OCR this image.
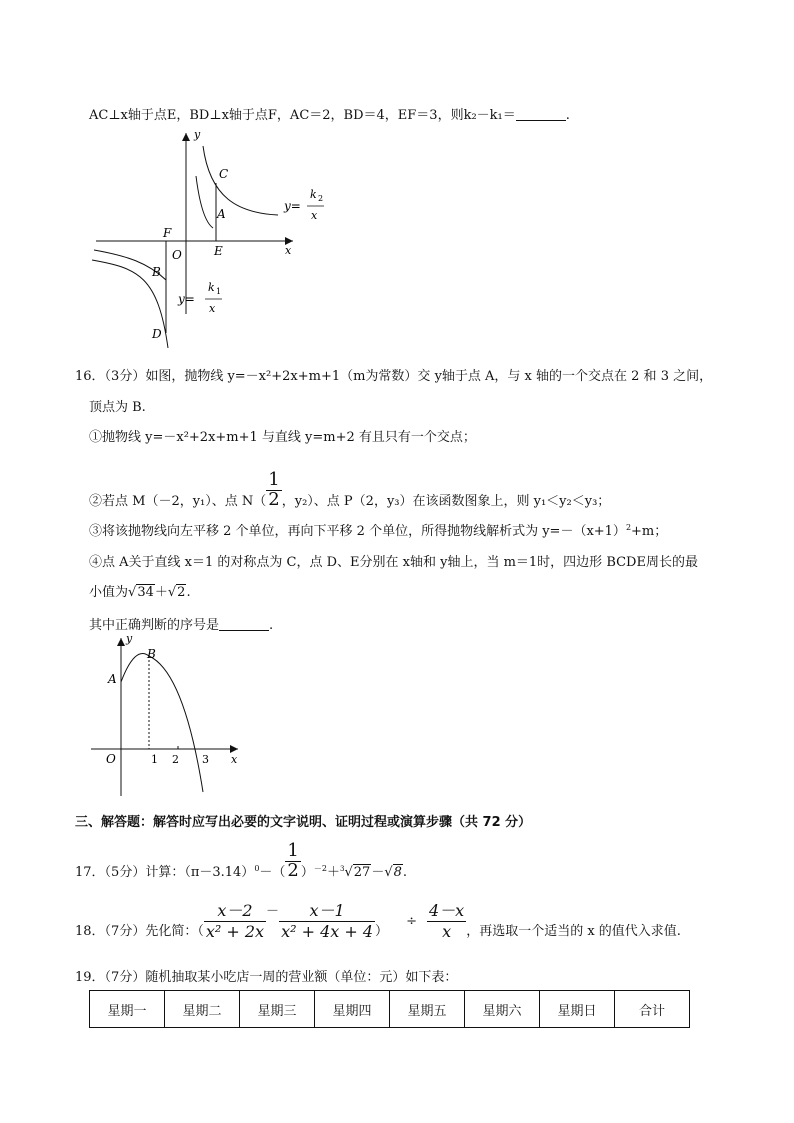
AC⊥x轴于点E，BD⊥x轴于点F，AC＝2，BD＝4，EF＝3，则k₂－k₁＝	.
y
x
O
C
A
E
F
B
D
y=
k 2
x
y=
k 1
x
16．（3分）如图，抛物线 y=－x²+2x+m+1（m为常数）交 y轴于点 A，与 x 轴的一个交点在 2 和 3 之间，
顶点为 B.
①抛物线 y=－x²+2x+m+1 与直线 y=m+2 有且只有一个交点；
②若点 M（－2，y₁）、点 $N( \frac{1}{2}$ ，y₂）、点 P（2，y₃）在该函数图象上，则 y₁＜y₂＜y₃；
③将该抛物线向左平移 2 个单位，再向下平移 2 个单位，所得抛物线解析式为 $y=-(x+1)^2+m$；
④点 A关于直线 x＝1 的对称点为 C，点 D、E分别在 x轴和 y轴上，当 m＝1时，四边形 BCDE周长的最
小值为√34＋√2.
其中正确判断的序号是	.
y
x
O
A
B
1 2 3
三、解答题：解答时应写出必要的文字说明、证明过程或演算步骤（共 72 分）
17．（5分）计算：$(\pi-3.14)^0-( \frac{1}{2} )^{-2}+^3√27-√8$.
18．（7分）先化简：（ $\frac{x-2}{\text{x² + 2x}} - \frac{x-1}{\text{x² + 4x + 4}}$ ）÷ $\frac{4-x}{x}$ ，再选取一个适当的 x 的值代入求值.
19．（7分）随机抽取某小吃店一周的营业额（单位：元）如下表：
星期一	星期二	星期三	星期四	星期五	星期六	星期日	合计
